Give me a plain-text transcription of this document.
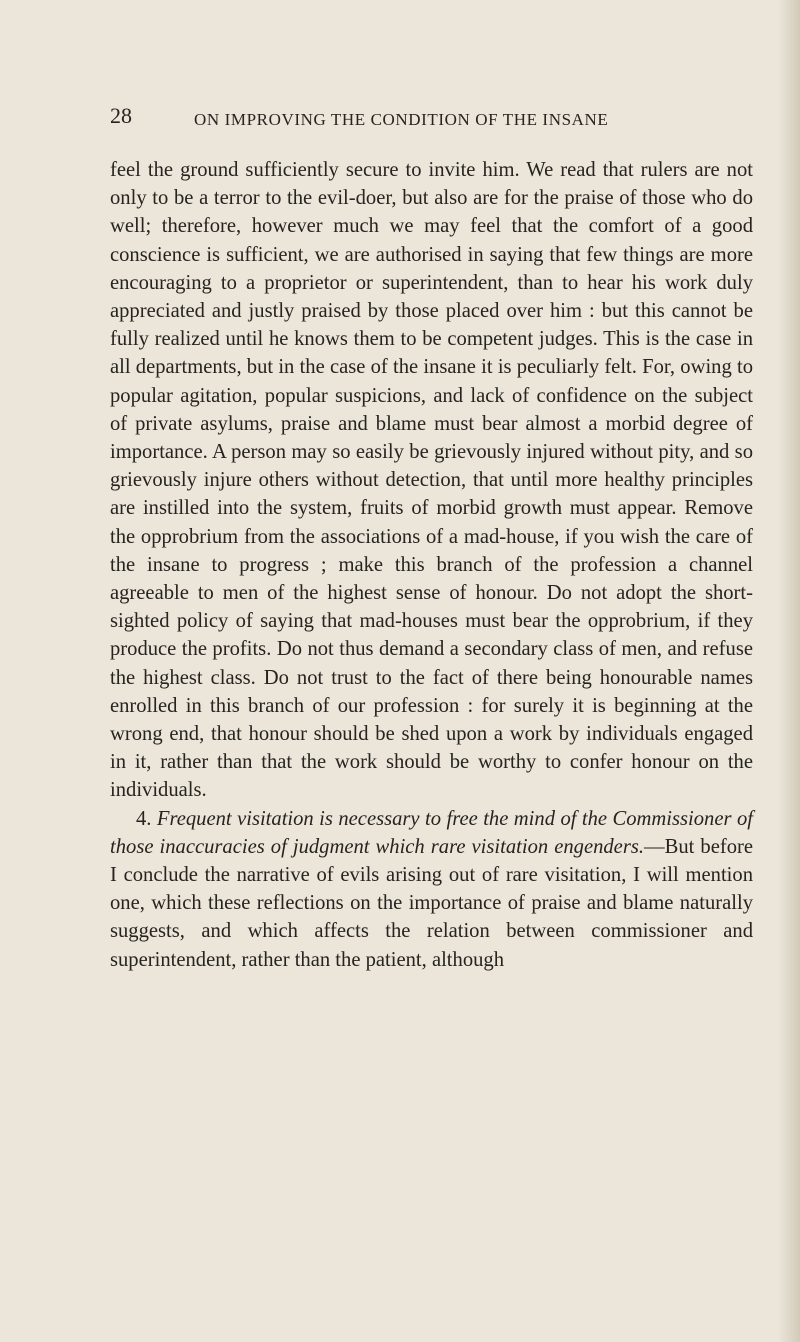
28	ON IMPROVING THE CONDITION OF THE INSANE

feel the ground sufficiently secure to invite him. We read that rulers are not only to be a terror to the evil-doer, but also are for the praise of those who do well; therefore, however much we may feel that the comfort of a good conscience is sufficient, we are authorised in saying that few things are more encouraging to a proprietor or superintendent, than to hear his work duly appreciated and justly praised by those placed over him : but this cannot be fully realized until he knows them to be competent judges. This is the case in all departments, but in the case of the insane it is peculiarly felt. For, owing to popular agitation, popular suspicions, and lack of confidence on the subject of private asylums, praise and blame must bear almost a morbid degree of importance. A person may so easily be grievously injured without pity, and so grievously injure others without detection, that until more healthy principles are instilled into the system, fruits of morbid growth must appear. Remove the opprobrium from the associations of a mad-house, if you wish the care of the insane to progress ; make this branch of the profession a channel agreeable to men of the highest sense of honour. Do not adopt the short-sighted policy of saying that mad-houses must bear the opprobrium, if they produce the profits. Do not thus demand a secondary class of men, and refuse the highest class. Do not trust to the fact of there being honourable names enrolled in this branch of our profession : for surely it is beginning at the wrong end, that honour should be shed upon a work by individuals engaged in it, rather than that the work should be worthy to confer honour on the individuals.

4. Frequent visitation is necessary to free the mind of the Commissioner of those inaccuracies of judgment which rare visitation engenders.—But before I conclude the narrative of evils arising out of rare visitation, I will mention one, which these reflections on the importance of praise and blame naturally suggests, and which affects the relation between commissioner and superintendent, rather than the patient, although
